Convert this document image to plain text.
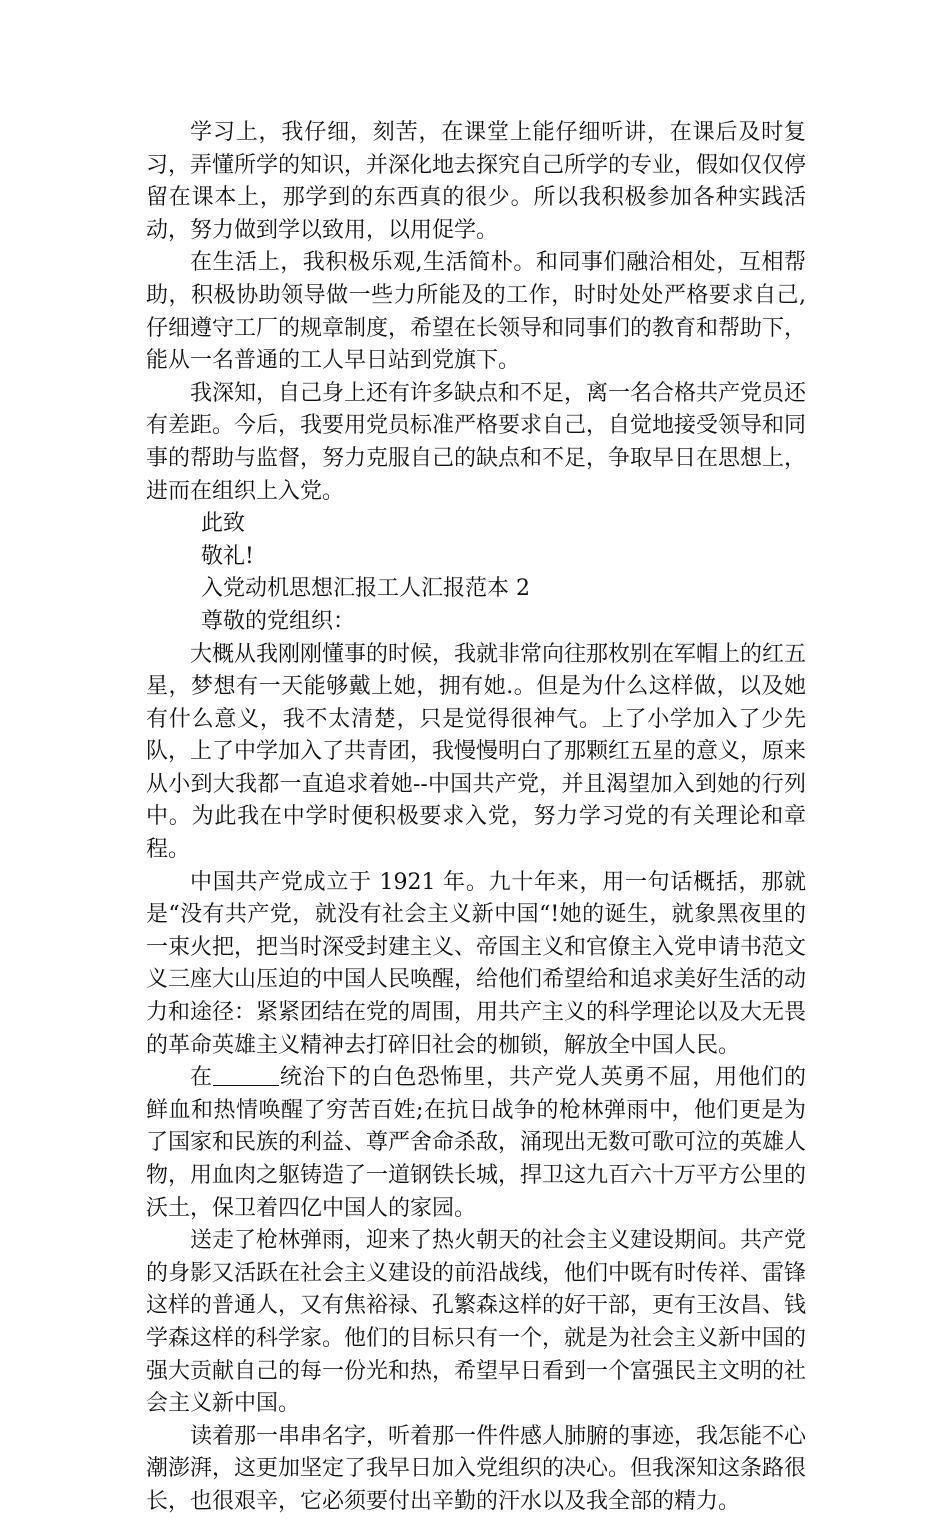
学习上，我仔细，刻苦，在课堂上能仔细听讲，在课后及时复习，弄懂所学的知识，并深化地去探究自己所学的专业，假如仅仅停留在课本上，那学到的东西真的很少。所以我积极参加各种实践活动，努力做到学以致用，以用促学。

在生活上，我积极乐观,生活简朴。和同事们融洽相处，互相帮助，积极协助领导做一些力所能及的工作，时时处处严格要求自己,仔细遵守工厂的规章制度，希望在长领导和同事们的教育和帮助下，能从一名普通的工人早日站到党旗下。

我深知，自己身上还有许多缺点和不足，离一名合格共产党员还有差距。今后，我要用党员标准严格要求自己，自觉地接受领导和同事的帮助与监督，努力克服自己的缺点和不足，争取早日在思想上，进而在组织上入党。

此致

敬礼!

入党动机思想汇报工人汇报范本 2

尊敬的党组织：

大概从我刚刚懂事的时候，我就非常向往那枚别在军帽上的红五星，梦想有一天能够戴上她，拥有她.。但是为什么这样做，以及她有什么意义，我不太清楚，只是觉得很神气。上了小学加入了少先队，上了中学加入了共青团，我慢慢明白了那颗红五星的意义，原来从小到大我都一直追求着她--中国共产党，并且渴望加入到她的行列中。为此我在中学时便积极要求入党，努力学习党的有关理论和章程。

中国共产党成立于 1921 年。九十年来，用一句话概括，那就是“没有共产党，就没有社会主义新中国“!她的诞生，就象黑夜里的一束火把，把当时深受封建主义、帝国主义和官僚主入党申请书范文义三座大山压迫的中国人民唤醒，给他们希望给和追求美好生活的动力和途径：紧紧团结在党的周围，用共产主义的科学理论以及大无畏的革命英雄主义精神去打碎旧社会的枷锁，解放全中国人民。

在	统治下的白色恐怖里，共产党人英勇不屈，用他们的鲜血和热情唤醒了穷苦百姓;在抗日战争的枪林弹雨中，他们更是为了国家和民族的利益、尊严舍命杀敌，涌现出无数可歌可泣的英雄人物，用血肉之躯铸造了一道钢铁长城，捍卫这九百六十万平方公里的沃土，保卫着四亿中国人的家园。

送走了枪林弹雨，迎来了热火朝天的社会主义建设期间。共产党的身影又活跃在社会主义建设的前沿战线，他们中既有时传祥、雷锋这样的普通人，又有焦裕禄、孔繁森这样的好干部，更有王汝昌、钱学森这样的科学家。他们的目标只有一个，就是为社会主义新中国的强大贡献自己的每一份光和热，希望早日看到一个富强民主文明的社会主义新中国。

读着那一串串名字，听着那一件件感人肺腑的事迹，我怎能不心潮澎湃，这更加坚定了我早日加入党组织的决心。但我深知这条路很长，也很艰辛，它必须要付出辛勤的汗水以及我全部的精力。
